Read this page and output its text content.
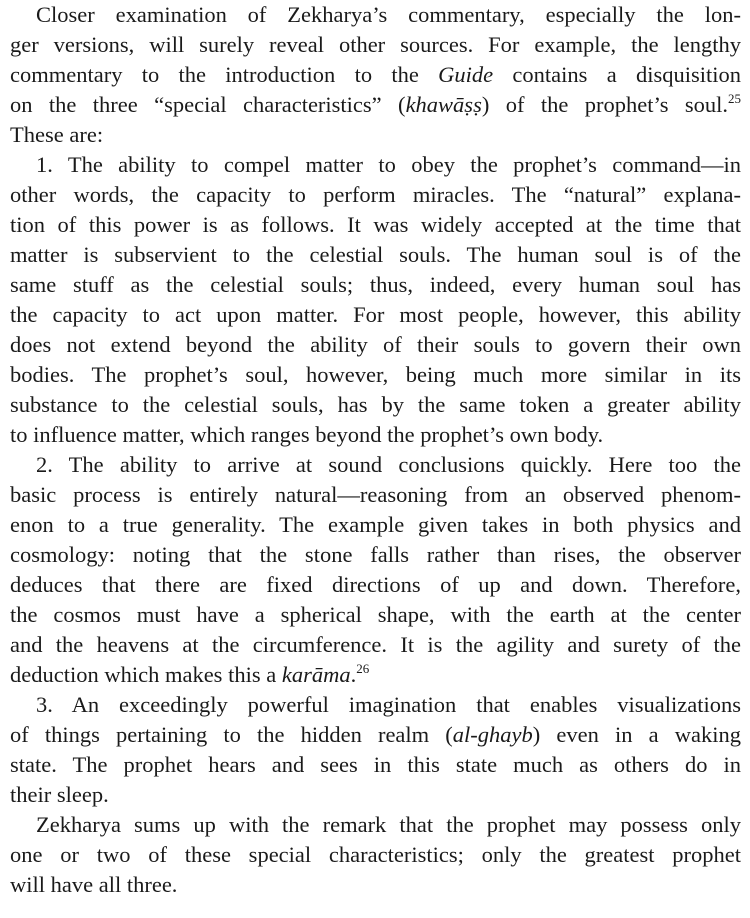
Closer examination of Zekharya’s commentary, especially the lon-
ger versions, will surely reveal other sources. For example, the lengthy
commentary to the introduction to the Guide contains a disquisition
on the three “special characteristics” (khawāṣṣ) of the prophet’s soul.$^{25}$
These are:
1. The ability to compel matter to obey the prophet’s command—in
other words, the capacity to perform miracles. The “natural” explana-
tion of this power is as follows. It was widely accepted at the time that
matter is subservient to the celestial souls. The human soul is of the
same stuff as the celestial souls; thus, indeed, every human soul has
the capacity to act upon matter. For most people, however, this ability
does not extend beyond the ability of their souls to govern their own
bodies. The prophet’s soul, however, being much more similar in its
substance to the celestial souls, has by the same token a greater ability
to influence matter, which ranges beyond the prophet’s own body.
2. The ability to arrive at sound conclusions quickly. Here too the
basic process is entirely natural—reasoning from an observed phenom-
enon to a true generality. The example given takes in both physics and
cosmology: noting that the stone falls rather than rises, the observer
deduces that there are fixed directions of up and down. Therefore,
the cosmos must have a spherical shape, with the earth at the center
and the heavens at the circumference. It is the agility and surety of the
deduction which makes this a karāma.$^{26}$
3. An exceedingly powerful imagination that enables visualizations
of things pertaining to the hidden realm (al-ghayb) even in a waking
state. The prophet hears and sees in this state much as others do in
their sleep.
Zekharya sums up with the remark that the prophet may possess only
one or two of these special characteristics; only the greatest prophet
will have all three.
